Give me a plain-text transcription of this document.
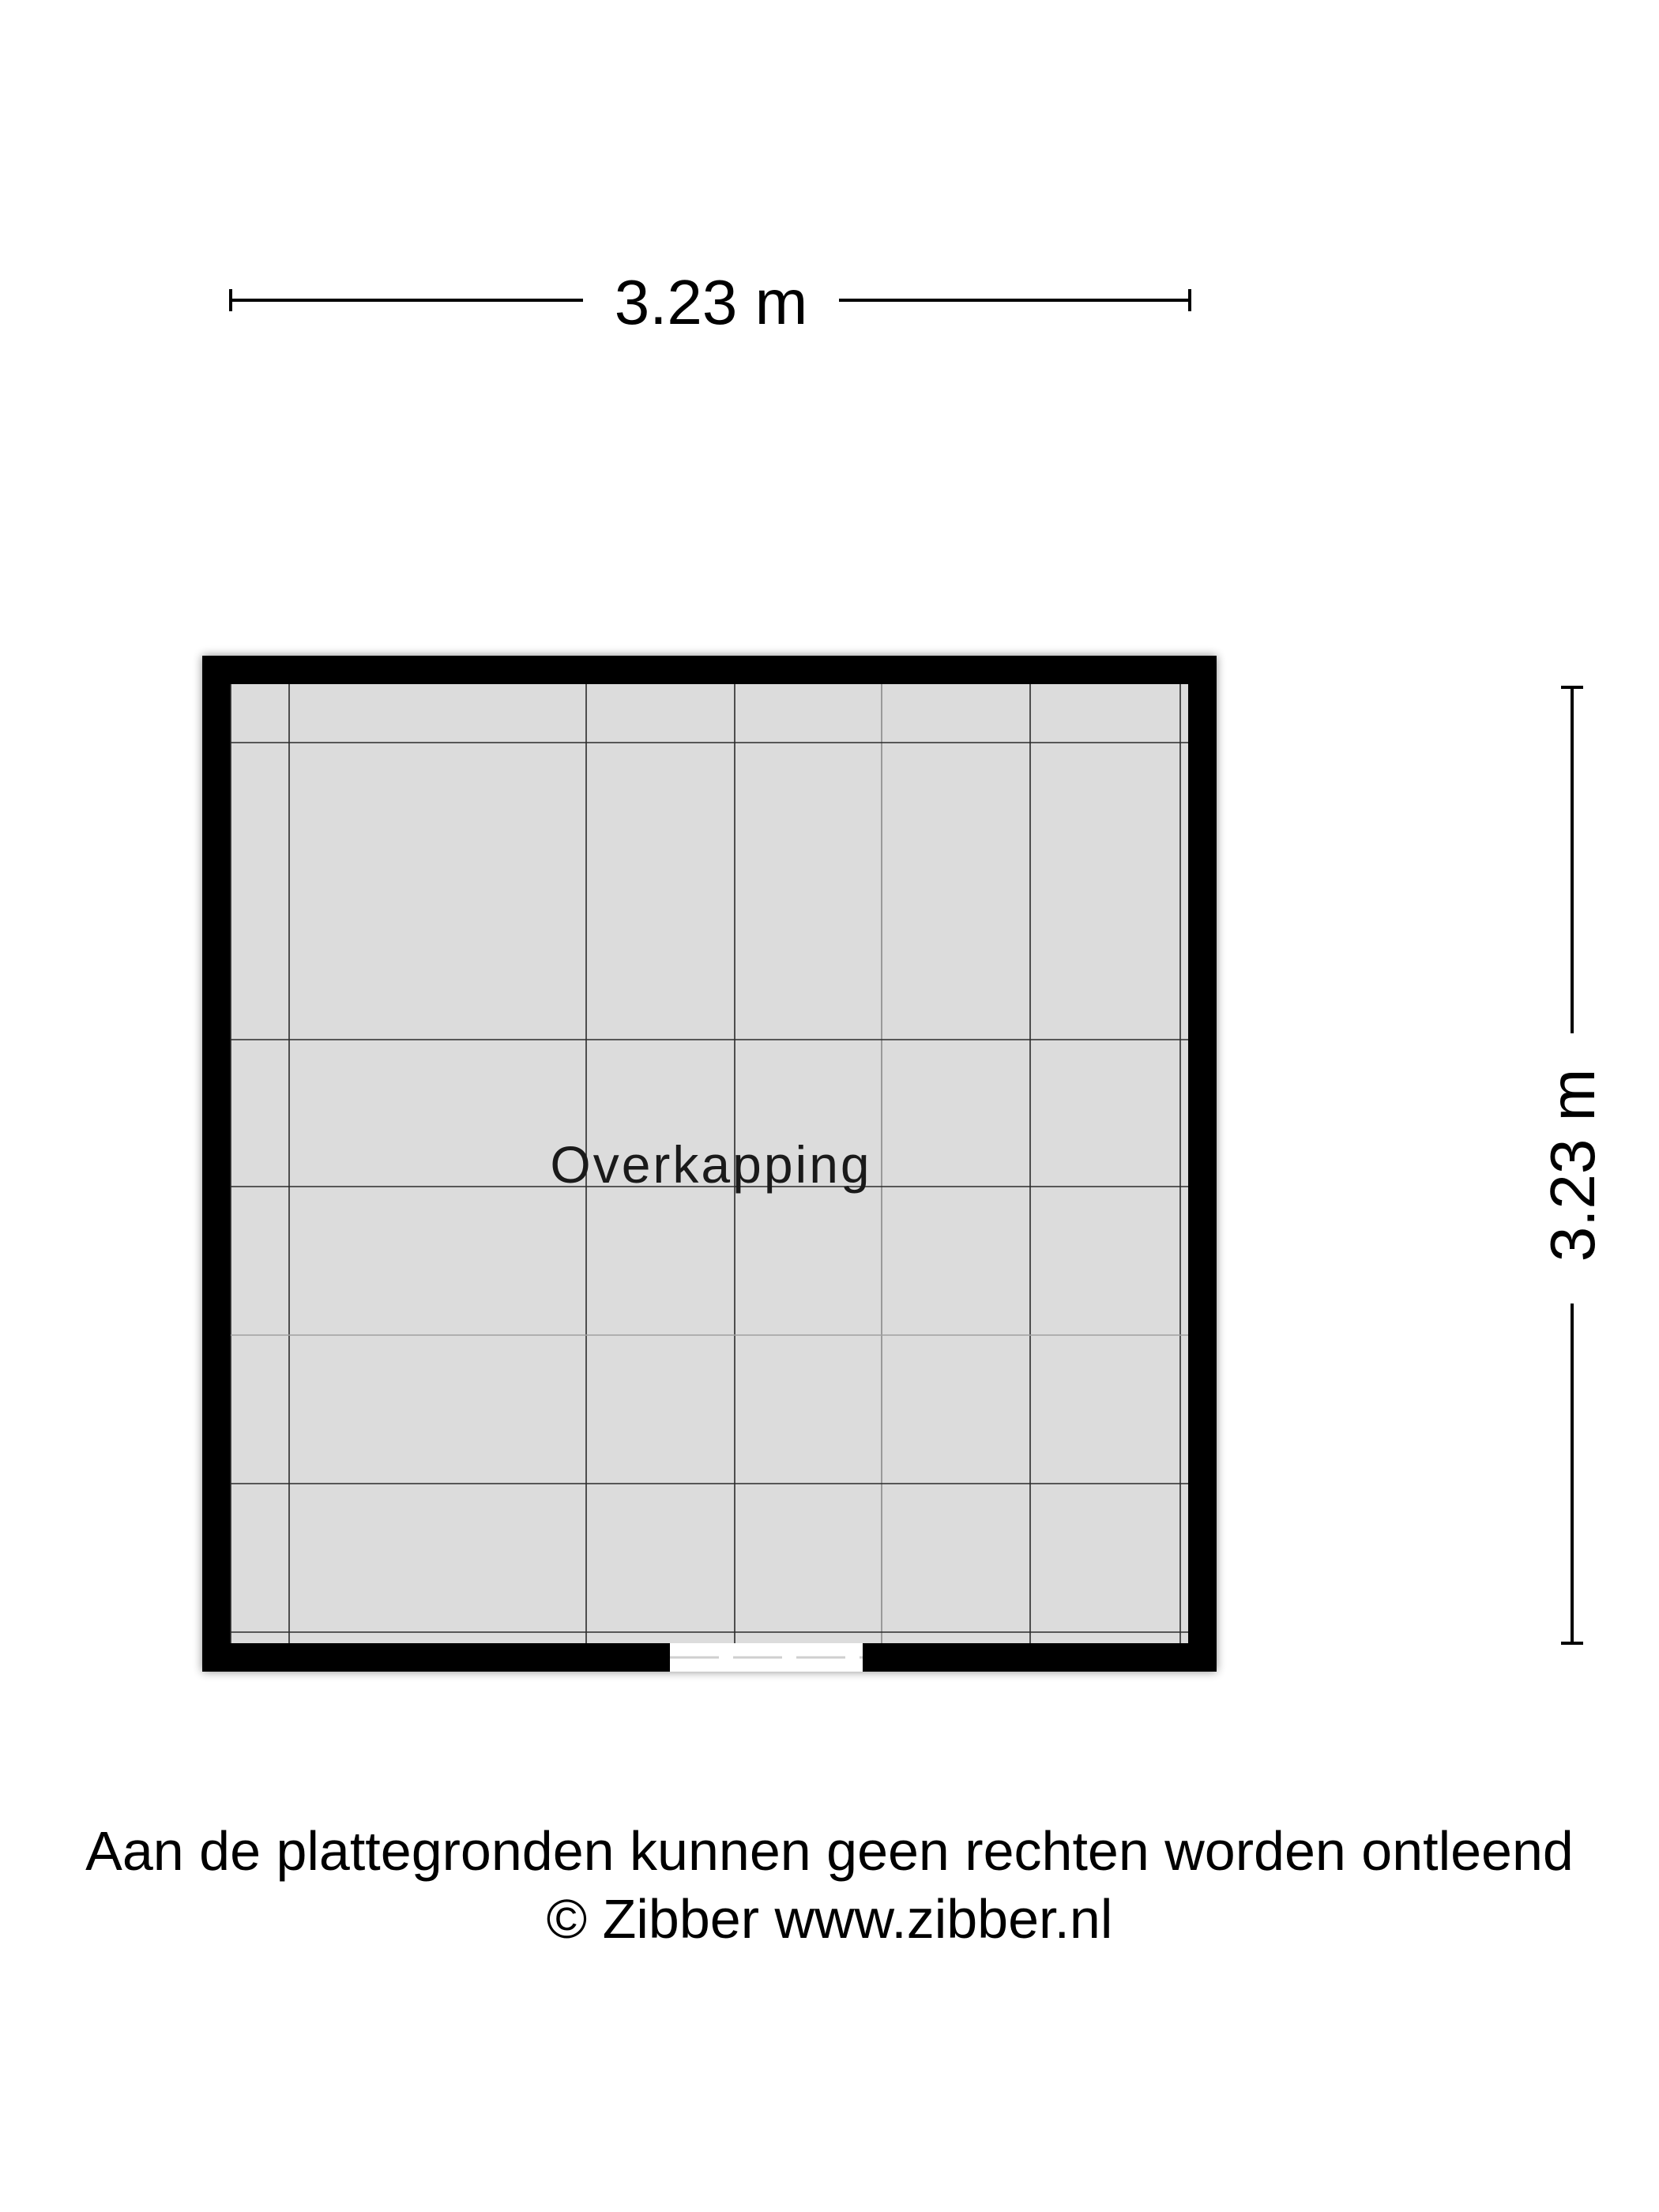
3.23 m
3.23 m
Overkapping
Aan de plattegronden kunnen geen rechten worden ontleend
© Zibber www.zibber.nl
